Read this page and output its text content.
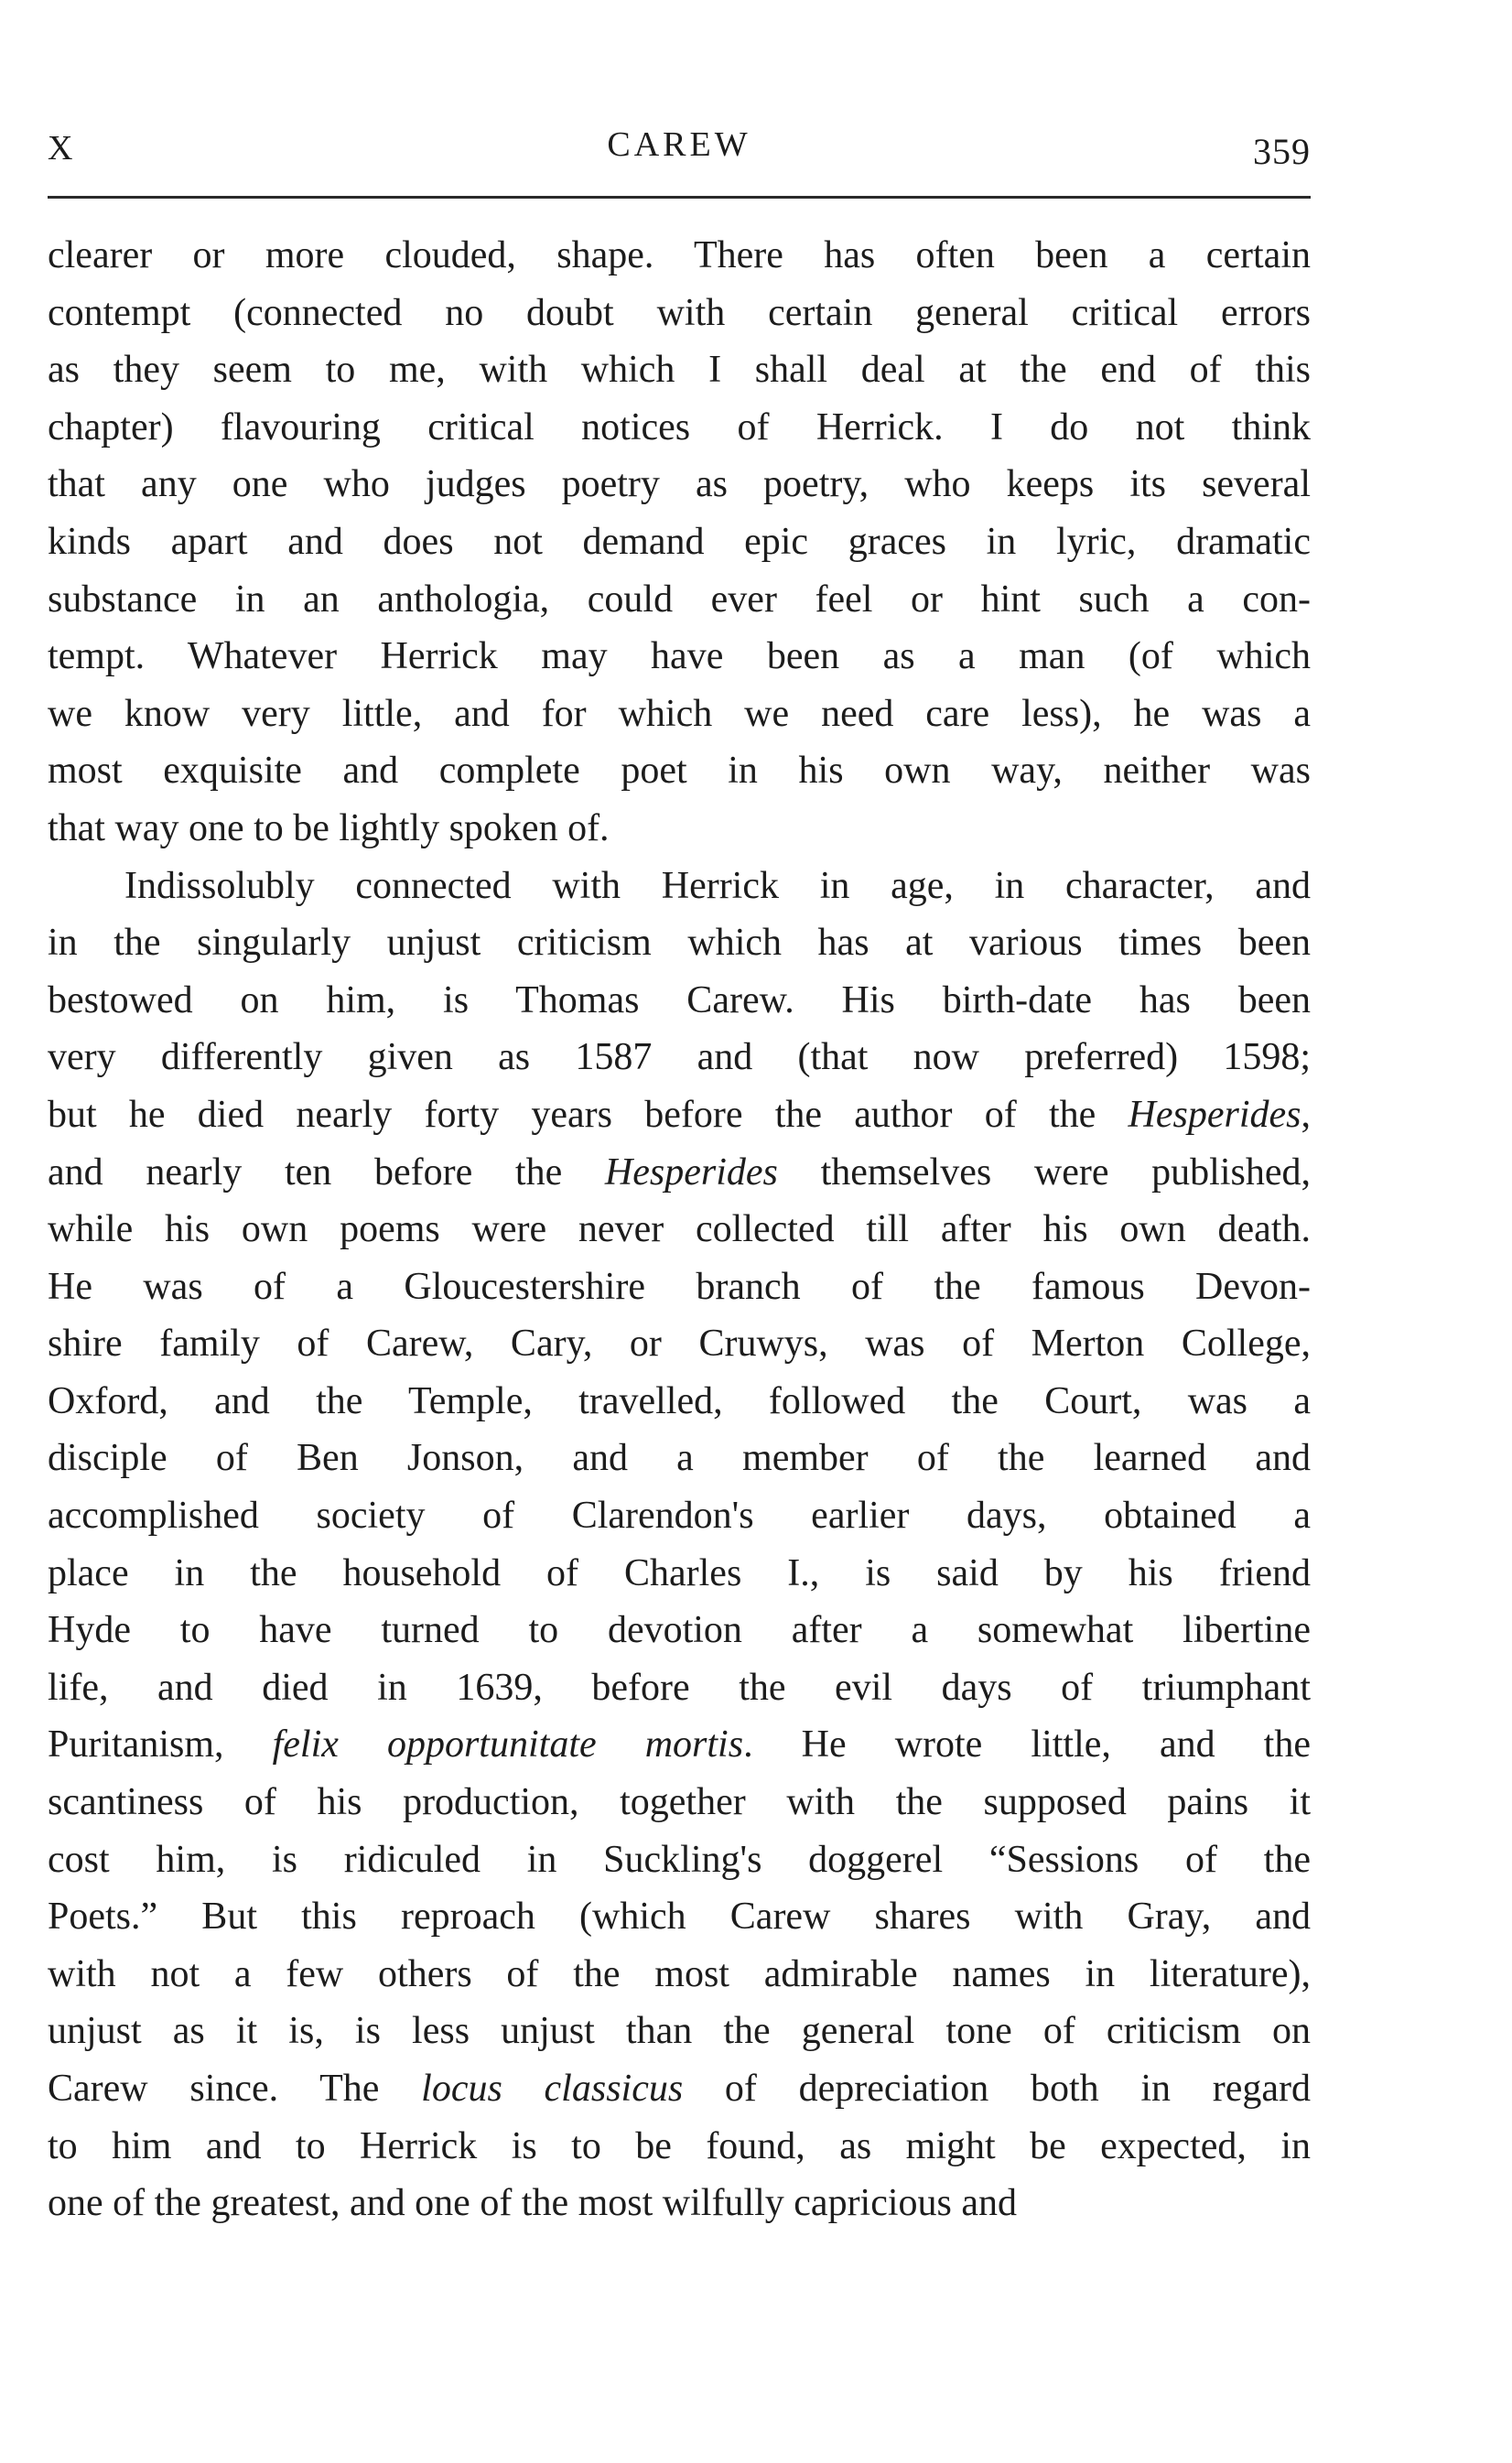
X	CAREW	359
clearer or more clouded, shape. There has often been a certain
contempt (connected no doubt with certain general critical errors
as they seem to me, with which I shall deal at the end of this
chapter) flavouring critical notices of Herrick. I do not think
that any one who judges poetry as poetry, who keeps its several
kinds apart and does not demand epic graces in lyric, dramatic
substance in an anthologia, could ever feel or hint such a con-
tempt. Whatever Herrick may have been as a man (of which
we know very little, and for which we need care less), he was a
most exquisite and complete poet in his own way, neither was
that way one to be lightly spoken of.
Indissolubly connected with Herrick in age, in character, and
in the singularly unjust criticism which has at various times been
bestowed on him, is Thomas Carew. His birth-date has been
very differently given as 1587 and (that now preferred) 1598;
but he died nearly forty years before the author of the Hesperides,
and nearly ten before the Hesperides themselves were published,
while his own poems were never collected till after his own death.
He was of a Gloucestershire branch of the famous Devon-
shire family of Carew, Cary, or Cruwys, was of Merton College,
Oxford, and the Temple, travelled, followed the Court, was a
disciple of Ben Jonson, and a member of the learned and
accomplished society of Clarendon's earlier days, obtained a
place in the household of Charles I., is said by his friend
Hyde to have turned to devotion after a somewhat libertine
life, and died in 1639, before the evil days of triumphant
Puritanism, felix opportunitate mortis. He wrote little, and the
scantiness of his production, together with the supposed pains it
cost him, is ridiculed in Suckling's doggerel “Sessions of the
Poets.” But this reproach (which Carew shares with Gray, and
with not a few others of the most admirable names in literature),
unjust as it is, is less unjust than the general tone of criticism on
Carew since. The locus classicus of depreciation both in regard
to him and to Herrick is to be found, as might be expected, in
one of the greatest, and one of the most wilfully capricious and
